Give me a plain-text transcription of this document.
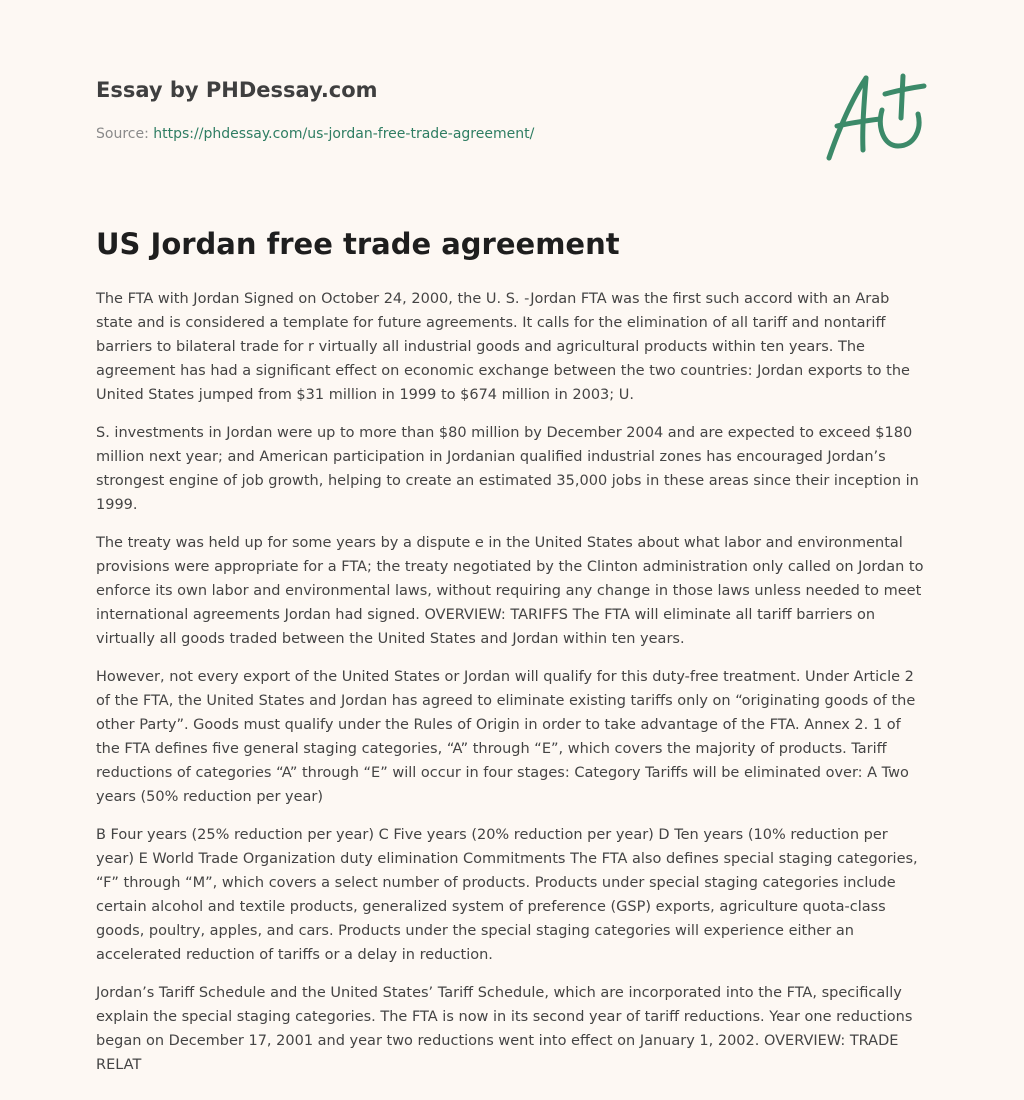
Essay by PHDessay.com
Source: https://phdessay.com/us-jordan-free-trade-agreement/
US Jordan free trade agreement

The FTA with Jordan Signed on October 24, 2000, the U. S. -Jordan FTA was the first such accord with an Arab state and is considered a template for future agreements. It calls for the elimination of all tariff and nontariff barriers to bilateral trade for r virtually all industrial goods and agricultural products within ten years. The agreement has had a significant effect on economic exchange between the two countries: Jordan exports to the United States jumped from $31 million in 1999 to $674 million in 2003; U.

S. investments in Jordan were up to more than $80 million by December 2004 and are expected to exceed $180 million next year; and American participation in Jordanian qualified industrial zones has encouraged Jordan’s strongest engine of job growth, helping to create an estimated 35,000 jobs in these areas since their inception in 1999.

The treaty was held up for some years by a dispute e in the United States about what labor and environmental provisions were appropriate for a FTA; the treaty negotiated by the Clinton administration only called on Jordan to enforce its own labor and environmental laws, without requiring any change in those laws unless needed to meet international agreements Jordan had signed. OVERVIEW: TARIFFS The FTA will eliminate all tariff barriers on virtually all goods traded between the United States and Jordan within ten years.

However, not every export of the United States or Jordan will qualify for this duty-free treatment. Under Article 2 of the FTA, the United States and Jordan has agreed to eliminate existing tariffs only on “originating goods of the other Party”. Goods must qualify under the Rules of Origin in order to take advantage of the FTA. Annex 2. 1 of the FTA defines five general staging categories, “A” through “E”, which covers the majority of products. Tariff reductions of categories “A” through “E” will occur in four stages: Category Tariffs will be eliminated over: A Two years (50% reduction per year)

B Four years (25% reduction per year) C Five years (20% reduction per year) D Ten years (10% reduction per year) E World Trade Organization duty elimination Commitments The FTA also defines special staging categories, “F” through “M”, which covers a select number of products. Products under special staging categories include certain alcohol and textile products, generalized system of preference (GSP) exports, agriculture quota-class goods, poultry, apples, and cars. Products under the special staging categories will experience either an accelerated reduction of tariffs or a delay in reduction.

Jordan’s Tariff Schedule and the United States’ Tariff Schedule, which are incorporated into the FTA, specifically explain the special staging categories. The FTA is now in its second year of tariff reductions. Year one reductions began on December 17, 2001 and year two reductions went into effect on January 1, 2002. OVERVIEW: TRADE RELAT
